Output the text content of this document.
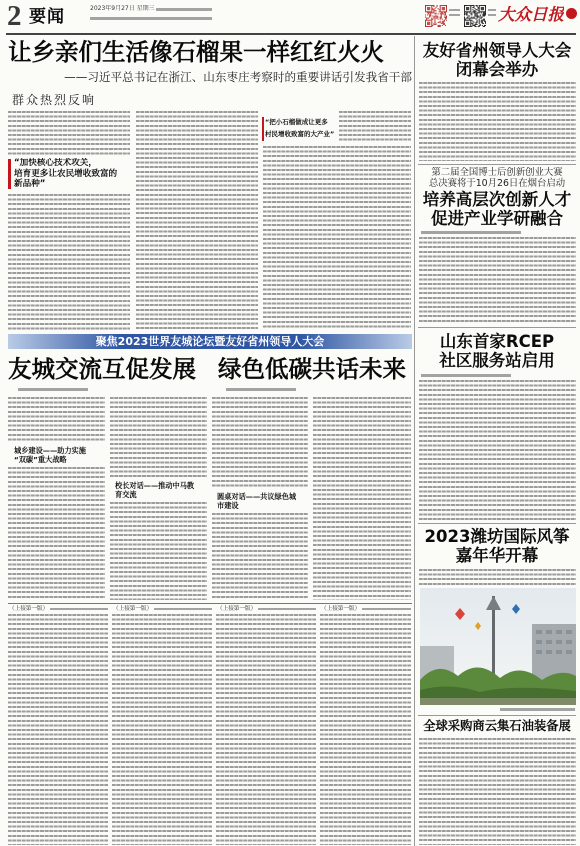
2 要闻	2023年9月27日 星期三	大众日报
让乡亲们生活像石榴果一样红红火火
——习近平总书记在浙江、山东枣庄考察时的重要讲话引发我省干部
群众热烈反响
“加快核心技术攻关，
培育更多让农民增收致富的
新品种”
“把小石榴做成让更多
村民增收致富的大产业”
聚焦2023世界友城论坛暨友好省州领导人大会
友城交流互促发展 绿色低碳共话未来
城乡建设——助力实施
“双碳”重大战略
校长对话——推动中马教
育交流	圆桌对话——共议绿色城
市建设
（上接第一版）	（上接第一版）	（上接第一版）	（上接第一版）
友好省州领导人大会
闭幕会举办
第二届全国博士后创新创业大赛
总决赛将于10月26日在烟台启动
培养高层次创新人才
促进产业学研融合
山东首家RCEP
社区服务站启用
2023潍坊国际风筝
嘉年华开幕
全球采购商云集石油装备展
